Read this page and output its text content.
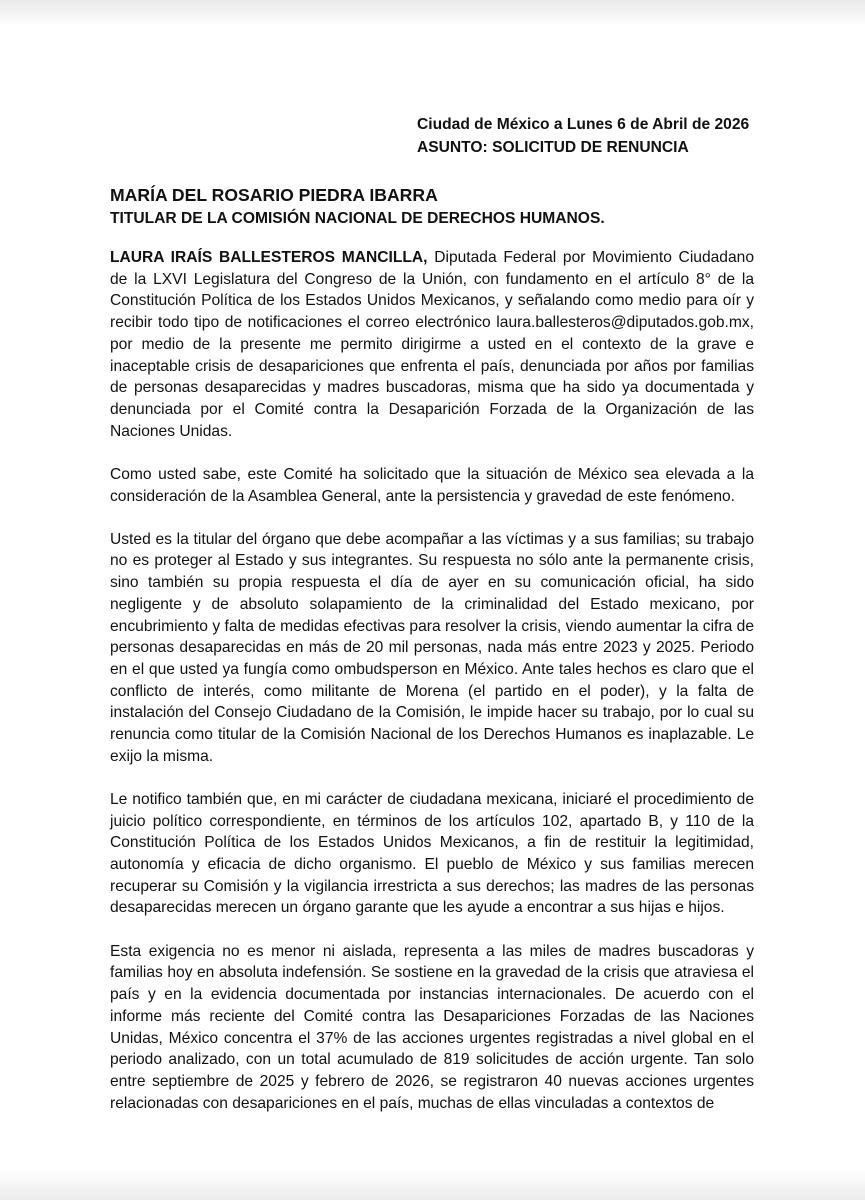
Ciudad de México a Lunes 6 de Abril de 2026
ASUNTO: SOLICITUD DE RENUNCIA
MARÍA DEL ROSARIO PIEDRA IBARRA
TITULAR DE LA COMISIÓN NACIONAL DE DERECHOS HUMANOS.

LAURA IRAÍS BALLESTEROS MANCILLA, Diputada Federal por Movimiento Ciudadano de la LXVI Legislatura del Congreso de la Unión, con fundamento en el artículo 8° de la Constitución Política de los Estados Unidos Mexicanos, y señalando como medio para oír y recibir todo tipo de notificaciones el correo electrónico laura.ballesteros@diputados.gob.mx, por medio de la presente me permito dirigirme a usted en el contexto de la grave e inaceptable crisis de desapariciones que enfrenta el país, denunciada por años por familias de personas desaparecidas y madres buscadoras, misma que ha sido ya documentada y denunciada por el Comité contra la Desaparición Forzada de la Organización de las Naciones Unidas.

Como usted sabe, este Comité ha solicitado que la situación de México sea elevada a la consideración de la Asamblea General, ante la persistencia y gravedad de este fenómeno.

Usted es la titular del órgano que debe acompañar a las víctimas y a sus familias; su trabajo no es proteger al Estado y sus integrantes. Su respuesta no sólo ante la permanente crisis, sino también su propia respuesta el día de ayer en su comunicación oficial, ha sido negligente y de absoluto solapamiento de la criminalidad del Estado mexicano, por encubrimiento y falta de medidas efectivas para resolver la crisis, viendo aumentar la cifra de personas desaparecidas en más de 20 mil personas, nada más entre 2023 y 2025. Periodo en el que usted ya fungía como ombudsperson en México. Ante tales hechos es claro que el conflicto de interés, como militante de Morena (el partido en el poder), y la falta de instalación del Consejo Ciudadano de la Comisión, le impide hacer su trabajo, por lo cual su renuncia como titular de la Comisión Nacional de los Derechos Humanos es inaplazable. Le exijo la misma.

Le notifico también que, en mi carácter de ciudadana mexicana, iniciaré el procedimiento de juicio político correspondiente, en términos de los artículos 102, apartado B, y 110 de la Constitución Política de los Estados Unidos Mexicanos, a fin de restituir la legitimidad, autonomía y eficacia de dicho organismo. El pueblo de México y sus familias merecen recuperar su Comisión y la vigilancia irrestricta a sus derechos; las madres de las personas desaparecidas merecen un órgano garante que les ayude a encontrar a sus hijas e hijos.

Esta exigencia no es menor ni aislada, representa a las miles de madres buscadoras y familias hoy en absoluta indefensión. Se sostiene en la gravedad de la crisis que atraviesa el país y en la evidencia documentada por instancias internacionales. De acuerdo con el informe más reciente del Comité contra las Desapariciones Forzadas de las Naciones Unidas, México concentra el 37% de las acciones urgentes registradas a nivel global en el periodo analizado, con un total acumulado de 819 solicitudes de acción urgente. Tan solo entre septiembre de 2025 y febrero de 2026, se registraron 40 nuevas acciones urgentes relacionadas con desapariciones en el país, muchas de ellas vinculadas a contextos de
